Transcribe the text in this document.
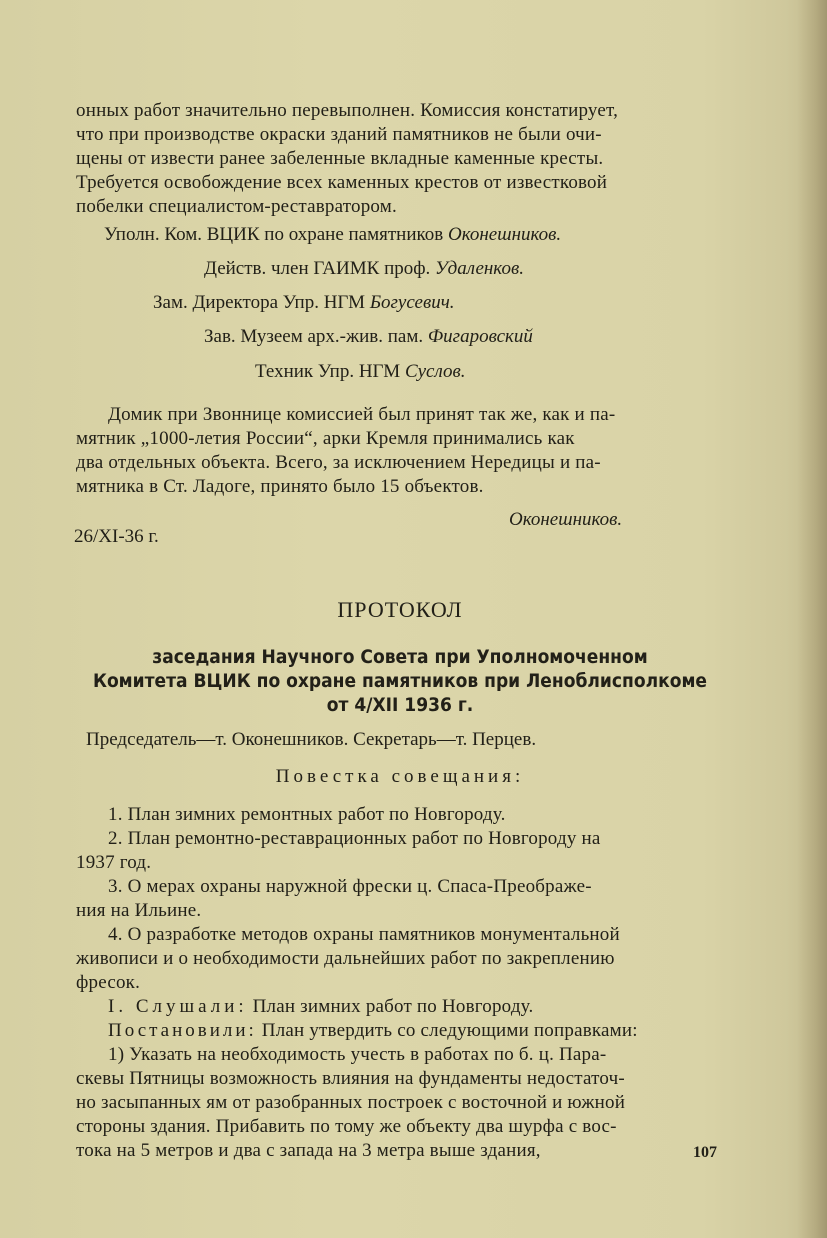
онных работ значительно перевыполнен. Комиссия констатирует,
что при производстве окраски зданий памятников не были очи-
щены от извести ранее забеленные вкладные каменные кресты.
Требуется освобождение всех каменных крестов от известковой
побелки специалистом-реставратором.
Уполн. Ком. ВЦИК по охране памятников Оконешников.
Действ. член ГАИМК проф. Удаленков.
Зам. Директора Упр. НГМ Богусевич.
Зав. Музеем арх.-жив. пам. Фигаровский
Техник Упр. НГМ Суслов.
Домик при Звоннице комиссией был принят так же, как и па-
мятник „1000-летия России“, арки Кремля принимались как
два отдельных объекта. Всего, за исключением Нередицы и па-
мятника в Ст. Ладоге, принято было 15 объектов.
Оконешников.
26/XI-36 г.
ПРОТОКОЛ
заседания Научного Совета при Уполномоченном
Комитета ВЦИК по охране памятников при Леноблисполкоме
от 4/XII 1936 г.
Председатель—т. Оконешников. Секретарь—т. Перцев.
Повестка совещания:
1. План зимних ремонтных работ по Новгороду.
2. План ремонтно-реставрационных работ по Новгороду на
1937 год.
3. О мерах охраны наружной фрески ц. Спаса-Преображе-
ния на Ильине.
4. О разработке методов охраны памятников монументальной
живописи и о необходимости дальнейших работ по закреплению
фресок.
I. Слушали: План зимних работ по Новгороду.
Постановили: План утвердить со следующими поправками:
1) Указать на необходимость учесть в работах по б. ц. Пара-
скевы Пятницы возможность влияния на фундаменты недостаточ-
но засыпанных ям от разобранных построек с восточной и южной
стороны здания. Прибавить по тому же объекту два шурфа с вос-
тока на 5 метров и два с запада на 3 метра выше здания,	107
